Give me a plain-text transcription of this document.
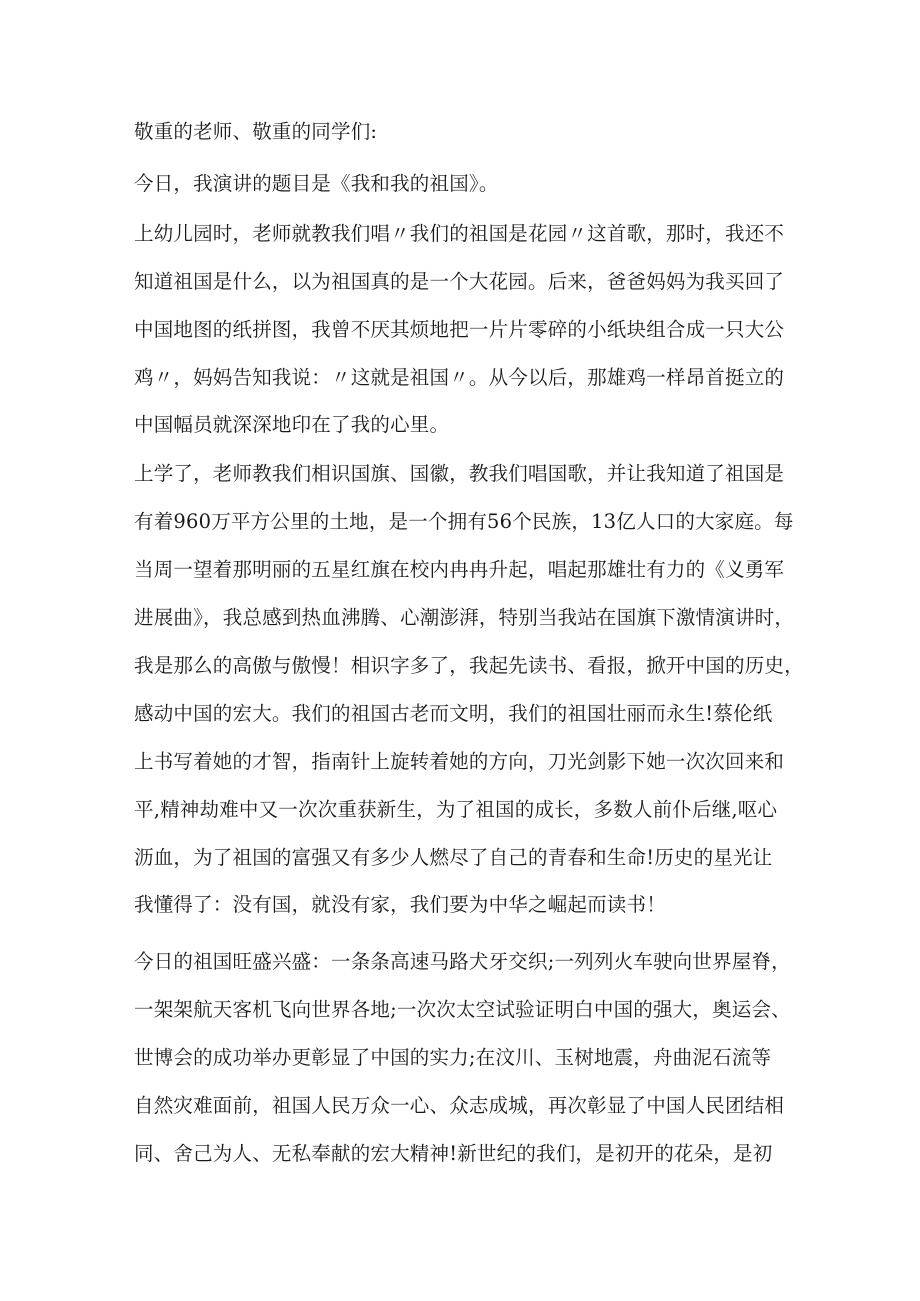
敬重的老师、敬重的同学们:
今日，我演讲的题目是《我和我的祖国》。
上幼儿园时，老师就教我们唱〃我们的祖国是花园〃这首歌，那时，我还不
知道祖国是什么，以为祖国真的是一个大花园。后来，爸爸妈妈为我买回了
中国地图的纸拼图，我曾不厌其烦地把一片片零碎的小纸块组合成一只大公
鸡〃，妈妈告知我说：〃这就是祖国〃。从今以后，那雄鸡一样昂首挺立的
中国幅员就深深地印在了我的心里。
上学了，老师教我们相识国旗、国徽，教我们唱国歌，并让我知道了祖国是
有着960万平方公里的土地，是一个拥有56个民族，13亿人口的大家庭。每
当周一望着那明丽的五星红旗在校内冉冉升起，唱起那雄壮有力的《义勇军
进展曲》，我总感到热血沸腾、心潮澎湃，特别当我站在国旗下激情演讲时，
我是那么的高傲与傲慢！相识字多了，我起先读书、看报，掀开中国的历史，
感动中国的宏大。我们的祖国古老而文明，我们的祖国壮丽而永生!蔡伦纸
上书写着她的才智，指南针上旋转着她的方向，刀光剑影下她一次次回来和
平,精神劫难中又一次次重获新生，为了祖国的成长，多数人前仆后继,呕心
沥血，为了祖国的富强又有多少人燃尽了自己的青春和生命!历史的星光让
我懂得了：没有国，就没有家，我们要为中华之崛起而读书！
今日的祖国旺盛兴盛：一条条高速马路犬牙交织;一列列火车驶向世界屋脊，
一架架航天客机飞向世界各地;一次次太空试验证明白中国的强大，奥运会、
世博会的成功举办更彰显了中国的实力;在汶川、玉树地震，舟曲泥石流等
自然灾难面前，祖国人民万众一心、众志成城，再次彰显了中国人民团结相
同、舍己为人、无私奉献的宏大精神!新世纪的我们，是初开的花朵，是初
